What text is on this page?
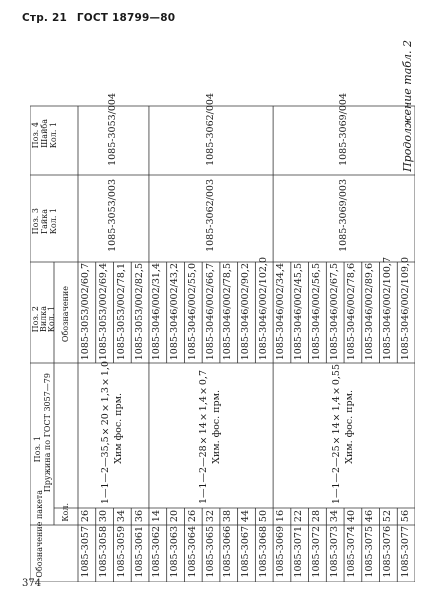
Стр. 21 ГОСТ 18799—80
Продолжение табл. 2
Обозначение пакета
Поз. 1 Пружина по ГОСТ 3057—79
Кол.
Обозначение
Поз. 2 Вилка Кол. 1
Поз. 3 Гайка Кол. 1
Поз. 4 Шайба Кол. 1
1085-3057
26
1085-3053/002/60,7
1085-3058
30
1085-3053/002/69,4
1085-3059
34
1085-3053/002/78,1
1085-3061
36
1085-3053/002/82,5
1085-3062
14
1085-3046/002/31,4
1085-3063
20
1085-3046/002/43,2
1085-3064
26
1085-3046/002/55,0
1085-3065
32
1085-3046/002/66,7
1085-3066
38
1085-3046/002/78,5
1085-3067
44
1085-3046/002/90,2
1085-3068
50
1085-3046/002/102,0
1085-3069
16
1085-3046/002/34,4
1085-3071
22
1085-3046/002/45,5
1085-3072
28
1085-3046/002/56,5
1085-3073
34
1085-3046/002/67,5
1085-3074
40
1085-3046/002/78,6
1085-3075
46
1085-3046/002/89,6
1085-3076
52
1085-3046/002/100,7
1085-3077
56
1085-3046/002/109,0
1—1—2—35,5×20×1,3×1,0 Хим фос. прм.
1085-3053/003
1085-3053/004
1—1—2—28×14×1,4×0,7 Хим. фос. прм.
1085-3062/003
1085-3062/004
1—1—2—25×14×1,4×0,55 Хим. фос. прм.
1085-3069/003
1085-3069/004
374
